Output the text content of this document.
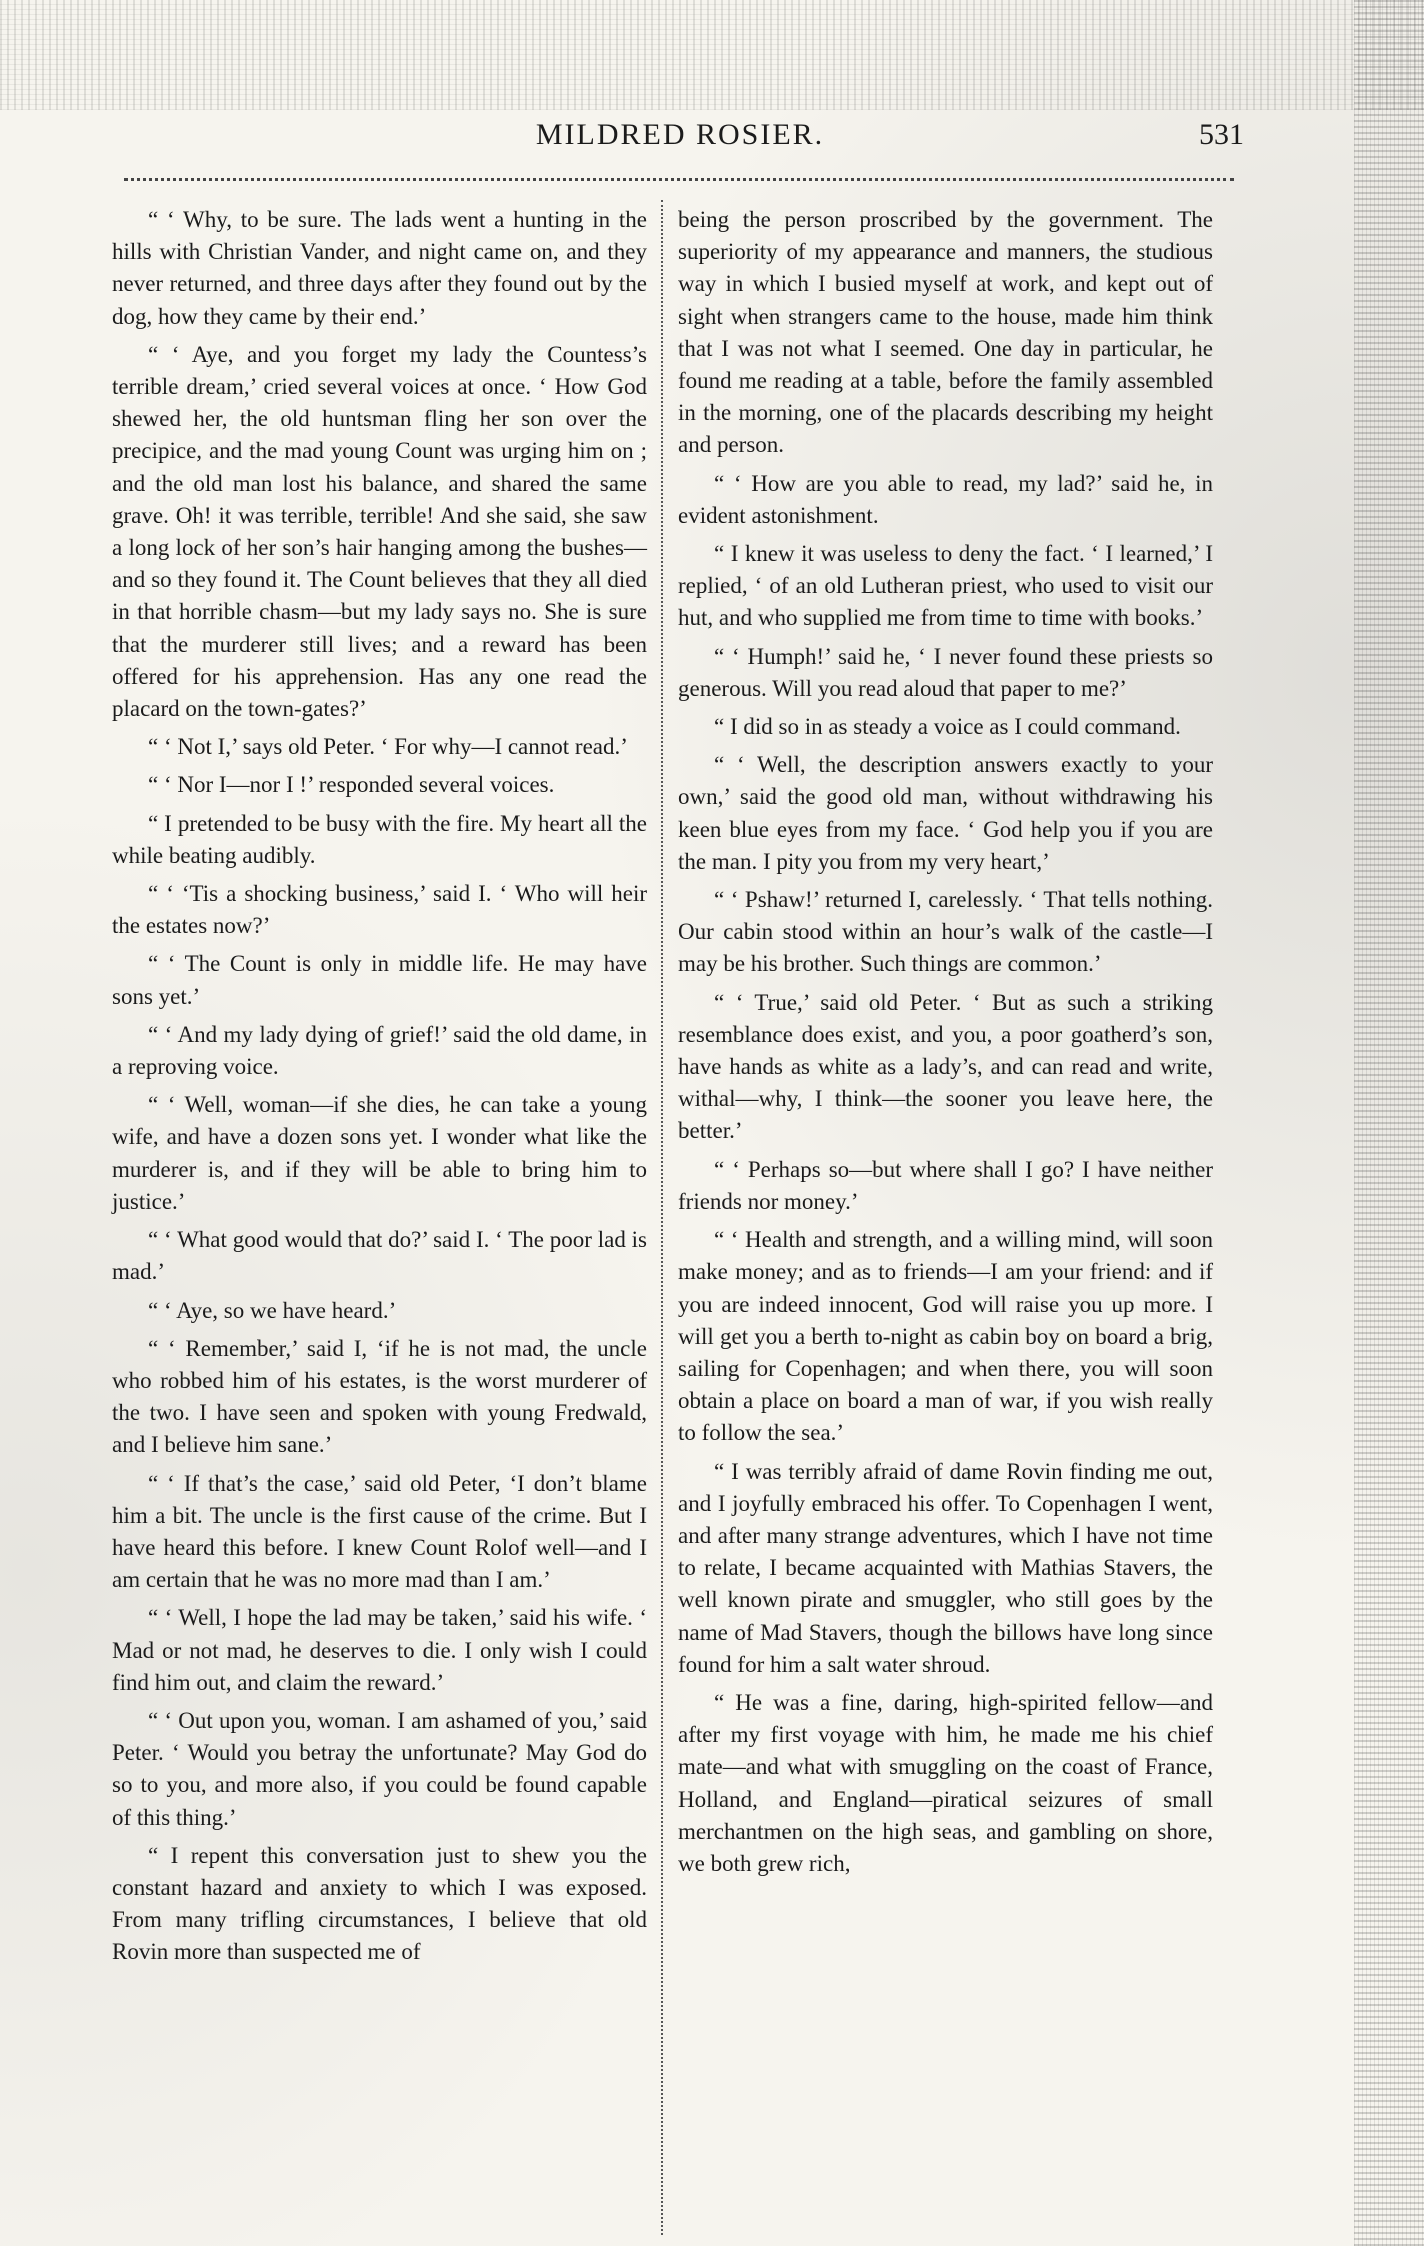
MILDRED ROSIER.	531

“ ‘ Why, to be sure. The lads went a hunting in the hills with Christian Vander, and night came on, and they never returned, and three days after they found out by the dog, how they came by their end.’

“ ‘ Aye, and you forget my lady the Countess’s terrible dream,’ cried several voices at once. ‘ How God shewed her, the old huntsman fling her son over the precipice, and the mad young Count was urging him on ; and the old man lost his balance, and shared the same grave. Oh! it was terrible, terrible! And she said, she saw a long lock of her son’s hair hanging among the bushes—and so they found it. The Count believes that they all died in that horrible chasm—but my lady says no. She is sure that the murderer still lives; and a reward has been offered for his apprehension. Has any one read the placard on the town-gates?’

“ ‘ Not I,’ says old Peter. ‘ For why—I cannot read.’

“ ‘ Nor I—nor I !’ responded several voices.

“ I pretended to be busy with the fire. My heart all the while beating audibly.

“ ‘ ‘Tis a shocking business,’ said I. ‘ Who will heir the estates now?’

“ ‘ The Count is only in middle life. He may have sons yet.’

“ ‘ And my lady dying of grief!’ said the old dame, in a reproving voice.

“ ‘ Well, woman—if she dies, he can take a young wife, and have a dozen sons yet. I wonder what like the murderer is, and if they will be able to bring him to justice.’

“ ‘ What good would that do?’ said I. ‘ The poor lad is mad.’

“ ‘ Aye, so we have heard.’

“ ‘ Remember,’ said I, ‘if he is not mad, the uncle who robbed him of his estates, is the worst murderer of the two. I have seen and spoken with young Fredwald, and I believe him sane.’

“ ‘ If that’s the case,’ said old Peter, ‘I don’t blame him a bit. The uncle is the first cause of the crime. But I have heard this before. I knew Count Rolof well—and I am certain that he was no more mad than I am.’

“ ‘ Well, I hope the lad may be taken,’ said his wife. ‘ Mad or not mad, he deserves to die. I only wish I could find him out, and claim the reward.’

“ ‘ Out upon you, woman. I am ashamed of you,’ said Peter. ‘ Would you betray the unfortunate? May God do so to you, and more also, if you could be found capable of this thing.’

“ I repent this conversation just to shew you the constant hazard and anxiety to which I was exposed. From many trifling circumstances, I believe that old Rovin more than suspected me of

being the person proscribed by the government. The superiority of my appearance and manners, the studious way in which I busied myself at work, and kept out of sight when strangers came to the house, made him think that I was not what I seemed. One day in particular, he found me reading at a table, before the family assembled in the morning, one of the placards describing my height and person.

“ ‘ How are you able to read, my lad?’ said he, in evident astonishment.

“ I knew it was useless to deny the fact. ‘ I learned,’ I replied, ‘ of an old Lutheran priest, who used to visit our hut, and who supplied me from time to time with books.’

“ ‘ Humph!’ said he, ‘ I never found these priests so generous. Will you read aloud that paper to me?’

“ I did so in as steady a voice as I could command.

“ ‘ Well, the description answers exactly to your own,’ said the good old man, without withdrawing his keen blue eyes from my face. ‘ God help you if you are the man. I pity you from my very heart,’

“ ‘ Pshaw!’ returned I, carelessly. ‘ That tells nothing. Our cabin stood within an hour’s walk of the castle—I may be his brother. Such things are common.’

“ ‘ True,’ said old Peter. ‘ But as such a striking resemblance does exist, and you, a poor goatherd’s son, have hands as white as a lady’s, and can read and write, withal—why, I think—the sooner you leave here, the better.’

“ ‘ Perhaps so—but where shall I go? I have neither friends nor money.’

“ ‘ Health and strength, and a willing mind, will soon make money; and as to friends—I am your friend: and if you are indeed innocent, God will raise you up more. I will get you a berth to-night as cabin boy on board a brig, sailing for Copenhagen; and when there, you will soon obtain a place on board a man of war, if you wish really to follow the sea.’

“ I was terribly afraid of dame Rovin finding me out, and I joyfully embraced his offer. To Copenhagen I went, and after many strange adventures, which I have not time to relate, I became acquainted with Mathias Stavers, the well known pirate and smuggler, who still goes by the name of Mad Stavers, though the billows have long since found for him a salt water shroud.

“ He was a fine, daring, high-spirited fellow—and after my first voyage with him, he made me his chief mate—and what with smuggling on the coast of France, Holland, and England—piratical seizures of small merchantmen on the high seas, and gambling on shore, we both grew rich,
